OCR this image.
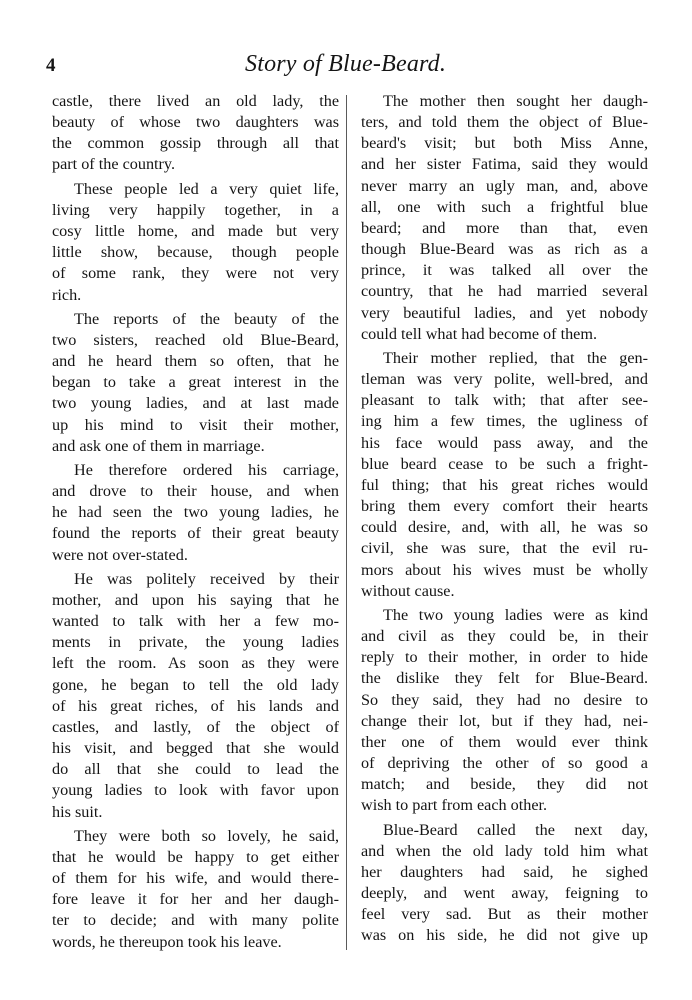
4	Story of Blue-Beard.

castle, there lived an old lady, the
beauty of whose two daughters was
the common gossip through all that
part of the country.

These people led a very quiet life,
living very happily together, in a
cosy little home, and made but very
little show, because, though people
of some rank, they were not very
rich.

The reports of the beauty of the
two sisters, reached old Blue-Beard,
and he heard them so often, that he
began to take a great interest in the
two young ladies, and at last made
up his mind to visit their mother,
and ask one of them in marriage.

He therefore ordered his carriage,
and drove to their house, and when
he had seen the two young ladies, he
found the reports of their great beauty
were not over-stated.

He was politely received by their
mother, and upon his saying that he
wanted to talk with her a few mo-
ments in private, the young ladies
left the room. As soon as they were
gone, he began to tell the old lady
of his great riches, of his lands and
castles, and lastly, of the object of
his visit, and begged that she would
do all that she could to lead the
young ladies to look with favor upon
his suit.

They were both so lovely, he said,
that he would be happy to get either
of them for his wife, and would there-
fore leave it for her and her daugh-
ter to decide; and with many polite
words, he thereupon took his leave.

The mother then sought her daugh-
ters, and told them the object of Blue-
beard's visit; but both Miss Anne,
and her sister Fatima, said they would
never marry an ugly man, and, above
all, one with such a frightful blue
beard; and more than that, even
though Blue-Beard was as rich as a
prince, it was talked all over the
country, that he had married several
very beautiful ladies, and yet nobody
could tell what had become of them.

Their mother replied, that the gen-
tleman was very polite, well-bred, and
pleasant to talk with; that after see-
ing him a few times, the ugliness of
his face would pass away, and the
blue beard cease to be such a fright-
ful thing; that his great riches would
bring them every comfort their hearts
could desire, and, with all, he was so
civil, she was sure, that the evil ru-
mors about his wives must be wholly
without cause.

The two young ladies were as kind
and civil as they could be, in their
reply to their mother, in order to hide
the dislike they felt for Blue-Beard.
So they said, they had no desire to
change their lot, but if they had, nei-
ther one of them would ever think
of depriving the other of so good a
match; and beside, they did not
wish to part from each other.

Blue-Beard called the next day,
and when the old lady told him what
her daughters had said, he sighed
deeply, and went away, feigning to
feel very sad. But as their mother
was on his side, he did not give up
